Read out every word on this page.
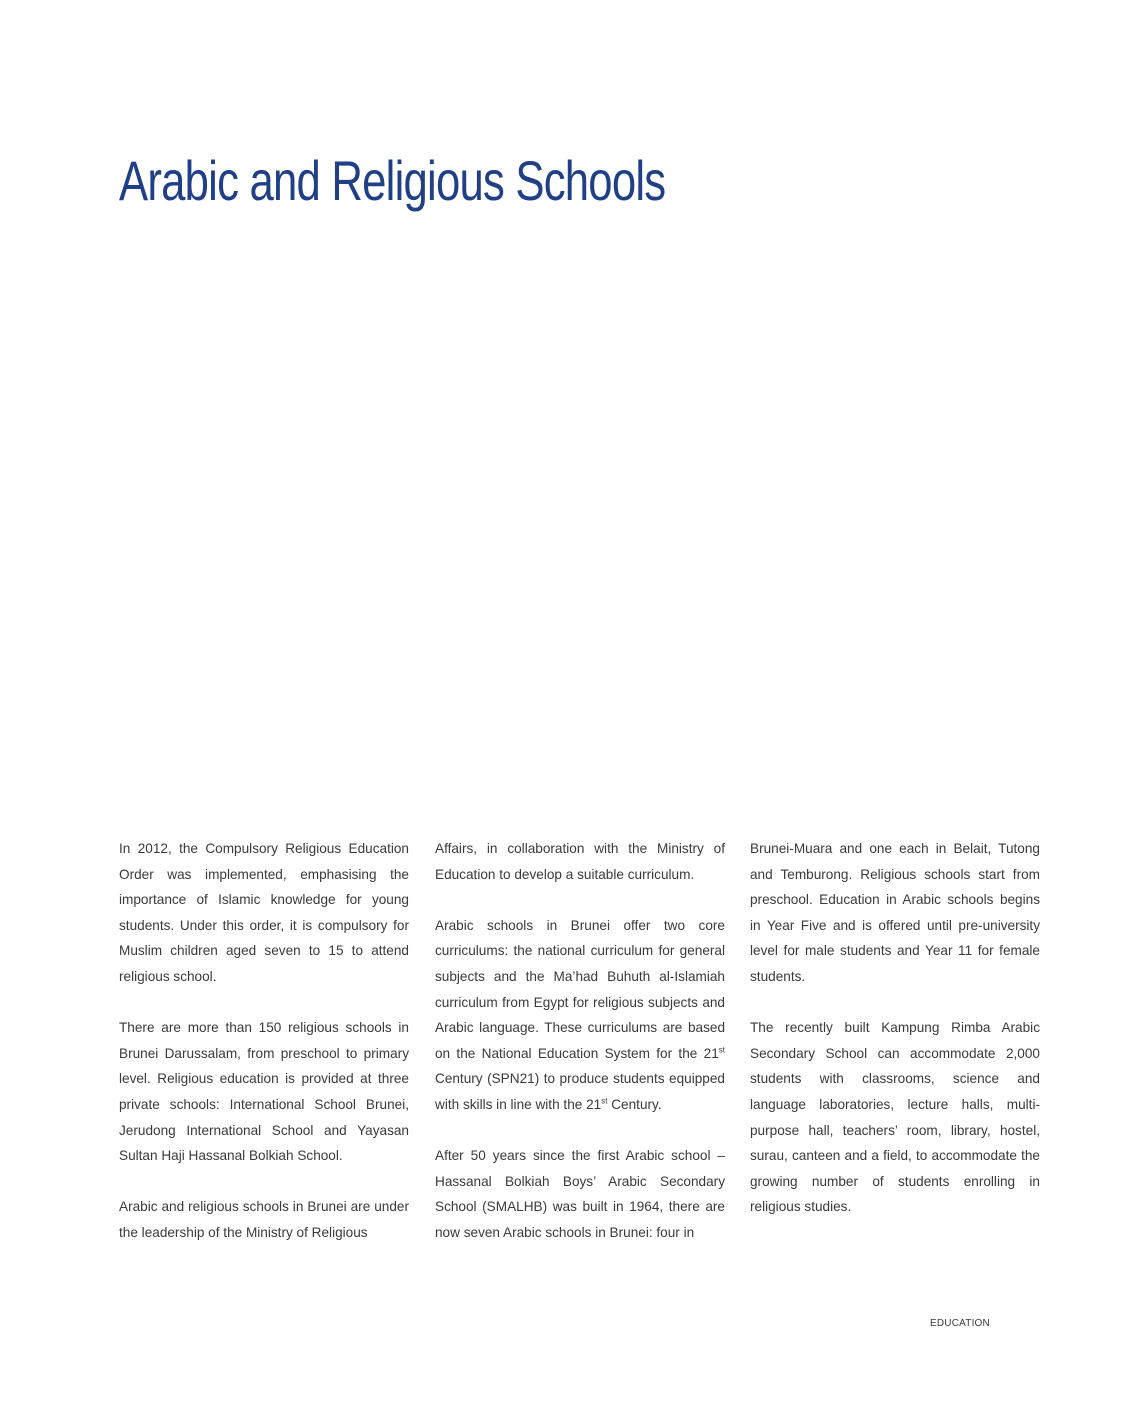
Arabic and Religious Schools

In 2012, the Compulsory Religious Education Order was implemented, emphasising the importance of Islamic knowledge for young students. Under this order, it is compulsory for Muslim children aged seven to 15 to attend religious school.

There are more than 150 religious schools in Brunei Darussalam, from preschool to primary level. Religious education is provided at three private schools: International School Brunei, Jerudong International School and Yayasan Sultan Haji Hassanal Bolkiah School.

Arabic and religious schools in Brunei are under the leadership of the Ministry of Religious

Affairs, in collaboration with the Ministry of Education to develop a suitable curriculum.

Arabic schools in Brunei offer two core curriculums: the national curriculum for general subjects and the Ma’had Buhuth al-Islamiah curriculum from Egypt for religious subjects and Arabic language. These curriculums are based on the National Education System for the 21st Century (SPN21) to produce students equipped with skills in line with the 21st Century.

After 50 years since the first Arabic school – Hassanal Bolkiah Boys’ Arabic Secondary School (SMALHB) was built in 1964, there are now seven Arabic schools in Brunei: four in

Brunei-Muara and one each in Belait, Tutong and Temburong. Religious schools start from preschool. Education in Arabic schools begins in Year Five and is offered until pre-university level for male students and Year 11 for female students.

The recently built Kampung Rimba Arabic Secondary School can accommodate 2,000 students with classrooms, science and language laboratories, lecture halls, multi-purpose hall, teachers’ room, library, hostel, surau, canteen and a field, to accommodate the growing number of students enrolling in religious studies.

EDUCATION
